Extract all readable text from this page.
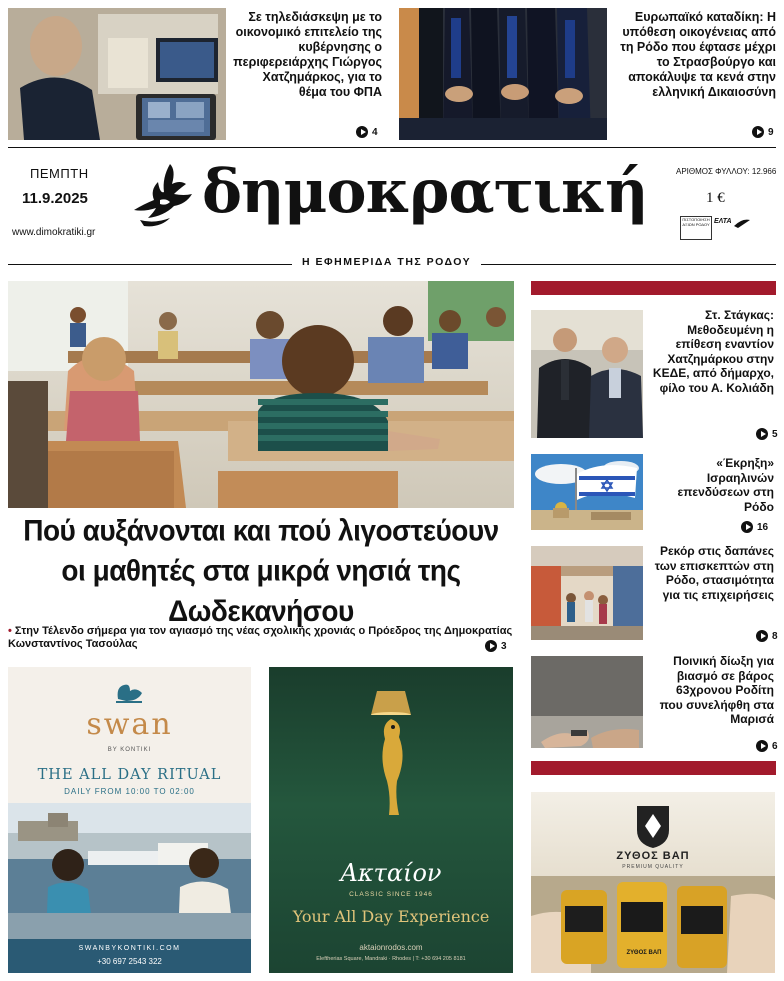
Σε τηλεδιάσκεψη με το οικονομικό επιτελείο της κυβέρνησης ο περιφερειάρχης Γιώργος Χατζημάρκος, για το θέμα του ΦΠΑ
4
Ευρωπαϊκό καταδίκη: Η υπόθεση οικογένειας από τη Ρόδο που έφτασε μέχρι το Στρασβούργο και αποκάλυψε τα κενά στην ελληνική Δικαιοσύνη
9
ΠΕΜΠΤΗ
11.9.2025
www.dimokratiki.gr
δημοκρατική	ΑΡΙΘΜΟΣ ΦΥΛΛΟΥ: 12.966
1 €
ΠΙΣΤΟΠΟΙΗΣΗ ΑΞΙΩΝ ΡΟΔΟΥ ΕΛΤΑ
Η ΕΦΗΜΕΡΙΔΑ ΤΗΣ ΡΟΔΟΥ
Πού αυξάνονται και πού λιγοστεύουν οι μαθητές στα μικρά νησιά της Δωδεκανήσου
• Στην Τέλενδο σήμερα για τον αγιασμό της νέας σχολικής χρονιάς ο Πρόεδρος της Δημοκρατίας Κωνσταντίνος Τασούλας	3
Στ. Στάγκας: Μεθοδευμένη η επίθεση εναντίον Χατζημάρκου στην ΚΕΔΕ, από δήμαρχο, φίλο του Α. Κολιάδη
5
«Έκρηξη» Ισραηλινών επενδύσεων στη Ρόδο
16
Ρεκόρ στις δαπάνες των επισκεπτών στη Ρόδο, στασιμότητα για τις επιχειρήσεις
8
Ποινική δίωξη για βιασμό σε βάρος 63χρονου Ροδίτη που συνελήφθη στα Μαρισά
6
swan
BY KONTIKI
THE ALL DAY RITUAL
DAILY FROM 10:00 TO 02:00
SWANBYKONTIKI.COM
+30 697 2543 322
Ακταίον
CLASSIC SINCE 1946
Your All Day Experience
aktaionrodos.com
Eleftherias Square, Mandraki · Rhodes | T: +30 694 205 8181
ΖΥΘΟΣ ΒΑΠ
PREMIUM QUALITY
ΖΥΘΟΣ ΒΑΠ
